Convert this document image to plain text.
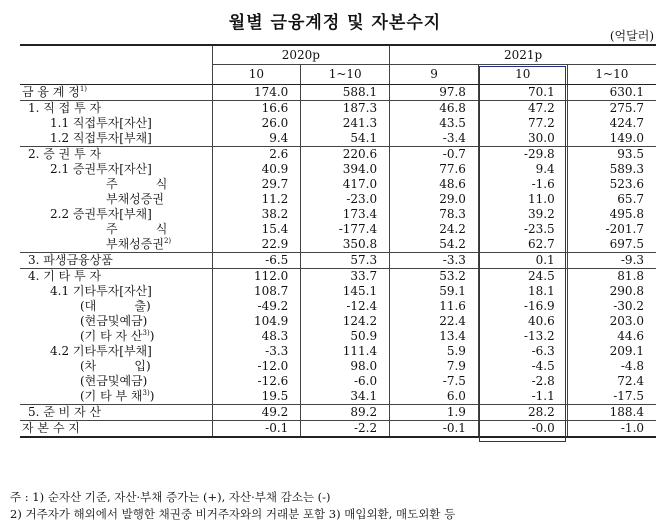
월별 금융계정 및 자본수지
(억달러)
	2020p		2021p		
	10	1~10	9	10	1~10
금 융 계 정$^{1)}$	174.0	588.1	97.8	70.1	630.1
1. 직 접 투 자	16.6	187.3	46.8	47.2	275.7
1.1 직접투자[자산]	26.0	241.3	43.5	77.2	424.7
1.2 직접투자[부채]	9.4	54.1	-3.4	30.0	149.0
2. 증 권 투 자	2.6	220.6	-0.7	-29.8	93.5
2.1 증권투자[자산]	40.9	394.0	77.6	9.4	589.3
주          식	29.7	417.0	48.6	-1.6	523.6
부채성증권	11.2	-23.0	29.0	11.0	65.7
2.2 증권투자[부채]	38.2	173.4	78.3	39.2	495.8
주          식	15.4	-177.4	24.2	-23.5	-201.7
부채성증권$^{2)}$	22.9	350.8	54.2	62.7	697.5
3. 파생금융상품	-6.5	57.3	-3.3	0.1	-9.3
4. 기 타 투 자	112.0	33.7	53.2	24.5	81.8
4.1 기타투자[자산]	108.7	145.1	59.1	18.1	290.8
(대          출)	-49.2	-12.4	11.6	-16.9	-30.2
(현금및예금)	104.9	124.2	22.4	40.6	203.0
(기 타 자 산$^{3)}$)	48.3	50.9	13.4	-13.2	44.6
4.2 기타투자[부채]	-3.3	111.4	5.9	-6.3	209.1
(차          입)	-12.0	98.0	7.9	-4.5	-4.8
(현금및예금)	-12.6	-6.0	-7.5	-2.8	72.4
(기 타 부 채$^{3)}$)	19.5	34.1	6.0	-1.1	-17.5
5. 준 비 자 산	49.2	89.2	1.9	28.2	188.4
자 본 수 지	-0.1	-2.2	-0.1	-0.0	-1.0
주 : 1) 순자산 기준, 자산·부채 증가는 (+), 자산·부채 감소는 (-)
2) 거주자가 해외에서 발행한 채권중 비거주자와의 거래분 포함 3) 매입외환, 매도외환 등
